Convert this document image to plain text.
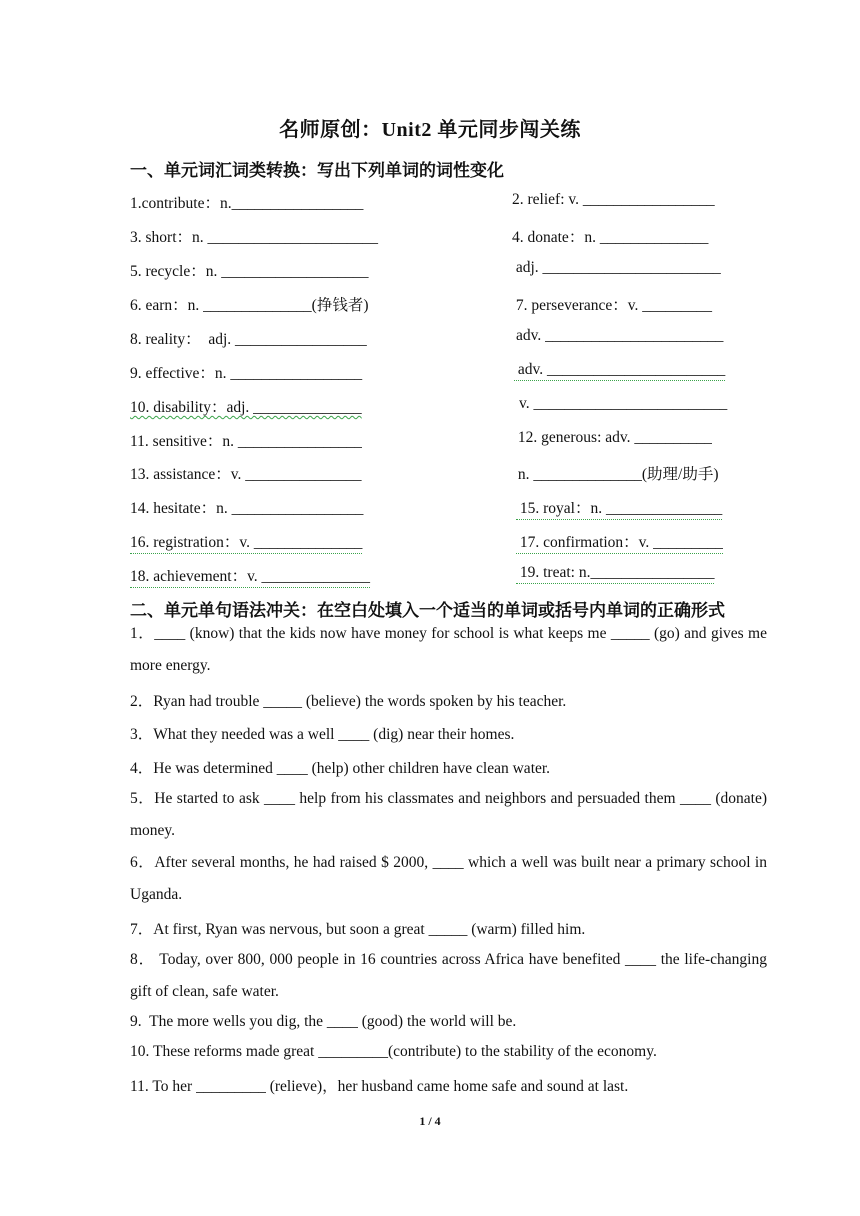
名师原创：Unit2 单元同步闯关练
一、单元词汇词类转换：写出下列单词的词性变化
1.contribute：n._________________	2. relief: v. _________________
3. short：n. ______________________	4. donate：n. ______________
5. recycle：n. ___________________	adj. _______________________
6. earn：n. ______________(挣钱者)	7. perseverance：v. _________
8. reality：  adj. _________________	adv. _______________________
9. effective：n. _________________	adv. _______________________
10. disability：adj. ______________	v. _________________________
11. sensitive：n. ________________	12. generous: adv. __________
13. assistance：v. _______________	n. ______________(助理/助手)
14. hesitate：n. _________________	15. royal：n. _______________
16. registration：v. ______________	17. confirmation：v. _________
18. achievement：v. ______________	19. treat: n.________________
二、单元单句语法冲关：在空白处填入一个适当的单词或括号内单词的正确形式
1．____ (know) that the kids now have money for school is what keeps me _____ (go) and gives me more energy.
2．Ryan had trouble _____ (believe) the words spoken by his teacher.
3．What they needed was a well ____ (dig) near their homes.
4．He was determined ____ (help) other children have clean water.
5．He started to ask ____ help from his classmates and neighbors and persuaded them ____ (donate) money.
6．After several months, he had raised $ 2000, ____ which a well was built near a primary school in Uganda.
7．At first, Ryan was nervous, but soon a great _____ (warm) filled him.
8． Today, over 800, 000 people in 16 countries across Africa have benefited ____ the life-changing gift of clean, safe water.
9.  The more wells you dig, the ____ (good) the world will be.
10. These reforms made great _________(contribute) to the stability of the economy.
11. To her _________ (relieve)，her husband came home safe and sound at last.
1 / 4
